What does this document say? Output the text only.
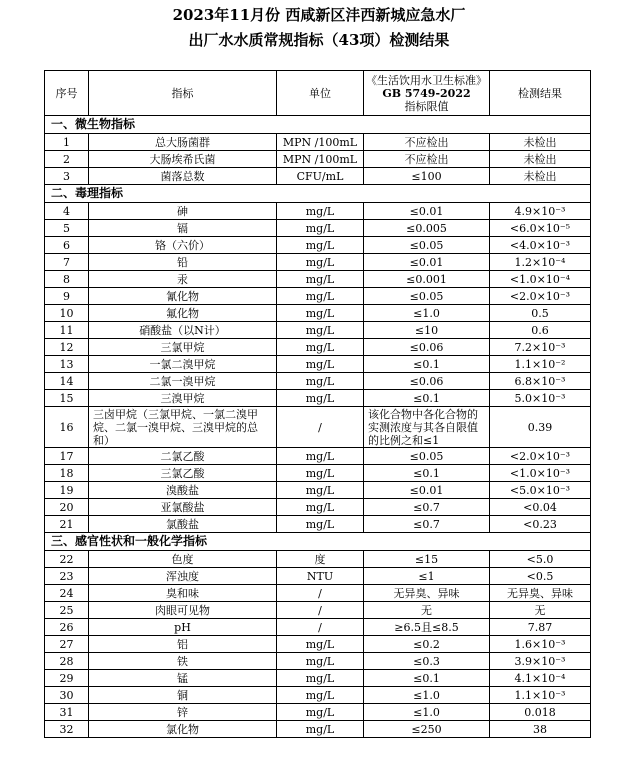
2023年11月份 西咸新区沣西新城应急水厂
出厂水水质常规指标（43项）检测结果
序号	指标	单位	《生活饮用水卫生标准》
GB 5749-2022
指标限值	检测结果
一、微生物指标				
1	总大肠菌群	MPN /100mL	不应检出	未检出
2	大肠埃希氏菌	MPN /100mL	不应检出	未检出
3	菌落总数	CFU/mL	≤100	未检出
二、毒理指标				
4	砷	mg/L	≤0.01	4.9×10⁻³
5	镉	mg/L	≤0.005	<6.0×10⁻⁵
6	铬（六价）	mg/L	≤0.05	<4.0×10⁻³
7	铅	mg/L	≤0.01	1.2×10⁻⁴
8	汞	mg/L	≤0.001	<1.0×10⁻⁴
9	氰化物	mg/L	≤0.05	<2.0×10⁻³
10	氟化物	mg/L	≤1.0	0.5
11	硝酸盐（以N计）	mg/L	≤10	0.6
12	三氯甲烷	mg/L	≤0.06	7.2×10⁻³
13	一氯二溴甲烷	mg/L	≤0.1	1.1×10⁻²
14	二氯一溴甲烷	mg/L	≤0.06	6.8×10⁻³
15	三溴甲烷	mg/L	≤0.1	5.0×10⁻³
16	三卤甲烷（三氯甲烷、一氯二溴甲烷、二氯一溴甲烷、三溴甲烷的总和）	/	该化合物中各化合物的实测浓度与其各自限值的比例之和≤1	0.39
17	二氯乙酸	mg/L	≤0.05	<2.0×10⁻³
18	三氯乙酸	mg/L	≤0.1	<1.0×10⁻³
19	溴酸盐	mg/L	≤0.01	<5.0×10⁻³
20	亚氯酸盐	mg/L	≤0.7	<0.04
21	氯酸盐	mg/L	≤0.7	<0.23
三、感官性状和一般化学指标				
22	色度	度	≤15	<5.0
23	浑浊度	NTU	≤1	<0.5
24	臭和味	/	无异臭、异味	无异臭、异味
25	肉眼可见物	/	无	无
26	pH	/	≥6.5且≤8.5	7.87
27	铝	mg/L	≤0.2	1.6×10⁻³
28	铁	mg/L	≤0.3	3.9×10⁻³
29	锰	mg/L	≤0.1	4.1×10⁻⁴
30	铜	mg/L	≤1.0	1.1×10⁻³
31	锌	mg/L	≤1.0	0.018
32	氯化物	mg/L	≤250	38
